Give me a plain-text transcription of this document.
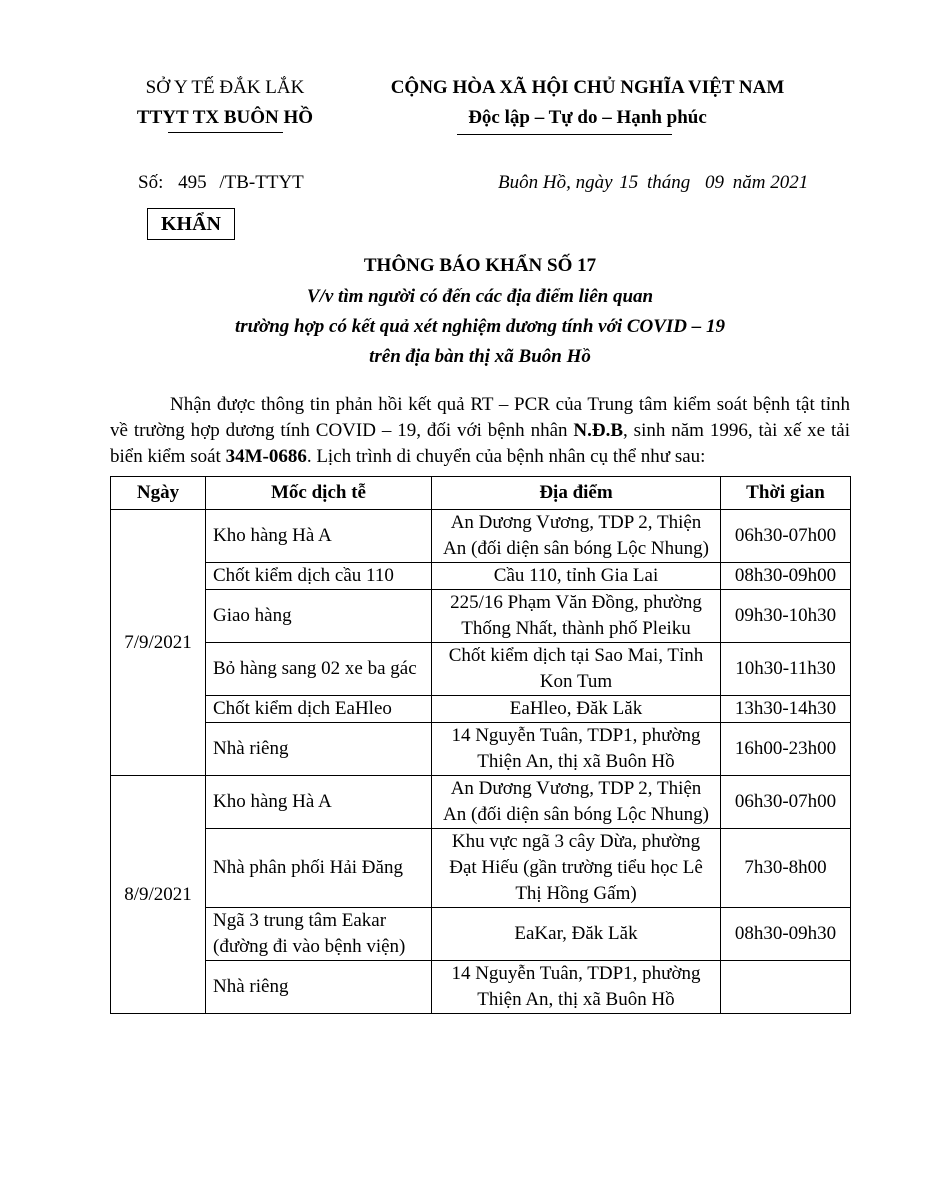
SỞ Y TẾ ĐẮK LẮK
TTYT TX BUÔN HỒ
CỘNG HÒA XÃ HỘI CHỦ NGHĨA VIỆT NAM
Độc lập – Tự do – Hạnh phúc
Số: 495 /TB-TTYT	Buôn Hồ, ngày 15 tháng 09 năm 2021
KHẨN
THÔNG BÁO KHẨN SỐ 17
V/v tìm người có đến các địa điểm liên quan
trường hợp có kết quả xét nghiệm dương tính với COVID – 19
trên địa bàn thị xã Buôn Hồ
Nhận được thông tin phản hồi kết quả RT – PCR của Trung tâm kiểm soát bệnh tật tỉnh về trường hợp dương tính COVID – 19, đối với bệnh nhân N.Đ.B, sinh năm 1996, tài xế xe tải biển kiểm soát 34M-0686. Lịch trình di chuyển của bệnh nhân cụ thể như sau:
Ngày	Mốc dịch tễ	Địa điểm	Thời gian
7/9/2021	Kho hàng Hà A	An Dương Vương, TDP 2, Thiện An (đối diện sân bóng Lộc Nhung)	06h30-07h00
	Chốt kiểm dịch cầu 110	Cầu 110, tỉnh Gia Lai	08h30-09h00
	Giao hàng	225/16 Phạm Văn Đồng, phường Thống Nhất, thành phố Pleiku	09h30-10h30
	Bỏ hàng sang 02 xe ba gác	Chốt kiểm dịch tại Sao Mai, Tỉnh Kon Tum	10h30-11h30
	Chốt kiểm dịch EaHleo	EaHleo, Đăk Lăk	13h30-14h30
	Nhà riêng	14 Nguyễn Tuân, TDP1, phường Thiện An, thị xã Buôn Hồ	16h00-23h00
8/9/2021	Kho hàng Hà A	An Dương Vương, TDP 2, Thiện An (đối diện sân bóng Lộc Nhung)	06h30-07h00
	Nhà phân phối Hải Đăng	Khu vực ngã 3 cây Dừa, phường Đạt Hiếu (gần trường tiểu học Lê Thị Hồng Gấm)	7h30-8h00
	Ngã 3 trung tâm Eakar (đường đi vào bệnh viện)	EaKar, Đăk Lăk	08h30-09h30
	Nhà riêng	14 Nguyễn Tuân, TDP1, phường Thiện An, thị xã Buôn Hồ	
